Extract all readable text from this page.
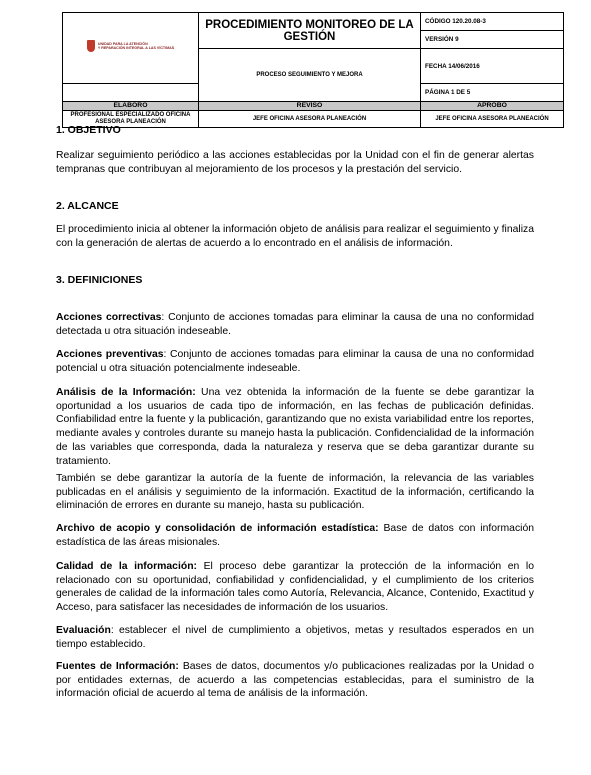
UNIDAD PARA LA ATENCIÓN
Y REPARACIÓN INTEGRAL A LAS VÍCTIMAS	PROCEDIMIENTO MONITOREO DE LA GESTIÓN	CÓDIGO 120.20.08-3
		VERSIÓN 9
	PROCESO SEGUIMIENTO Y MEJORA	FECHA 14/06/2016
		PÁGINA 1 DE 5
ELABORÓ	REVISÓ	APROBÓ
PROFESIONAL ESPECIALIZADO OFICINA ASESORA PLANEACIÓN	JEFE OFICINA ASESORA PLANEACIÓN	JEFE OFICINA ASESORA PLANEACIÓN
1. OBJETIVO
Realizar seguimiento periódico a las acciones establecidas por la Unidad con el fin de generar alertas tempranas que contribuyan al mejoramiento de los procesos y la prestación del servicio.
2. ALCANCE
El procedimiento inicia al obtener la información objeto de análisis para realizar el seguimiento y finaliza con la generación de alertas de acuerdo a lo encontrado en el análisis de información.
3. DEFINICIONES
Acciones correctivas: Conjunto de acciones tomadas para eliminar la causa de una no conformidad detectada u otra situación indeseable.
Acciones preventivas: Conjunto de acciones tomadas para eliminar la causa de una no conformidad potencial u otra situación potencialmente indeseable.
Análisis de la Información: Una vez obtenida la información de la fuente se debe garantizar la oportunidad a los usuarios de cada tipo de información, en las fechas de publicación definidas. Confiabilidad entre la fuente y la publicación, garantizando que no exista variabilidad entre los reportes, mediante avales y controles durante su manejo hasta la publicación. Confidencialidad de la información de las variables que corresponda, dada la naturaleza y reserva que se deba garantizar durante su tratamiento.
También se debe garantizar la autoría de la fuente de información, la relevancia de las variables publicadas en el análisis y seguimiento de la información. Exactitud de la información, certificando la eliminación de errores en durante su manejo, hasta su publicación.
Archivo de acopio y consolidación de información estadística: Base de datos con información estadística de las áreas misionales.
Calidad de la información: El proceso debe garantizar la protección de la información en lo relacionado con su oportunidad, confiabilidad y confidencialidad, y el cumplimiento de los criterios generales de calidad de la información tales como Autoría, Relevancia, Alcance, Contenido, Exactitud y Acceso, para satisfacer las necesidades de información de los usuarios.
Evaluación: establecer el nivel de cumplimiento a objetivos, metas y resultados esperados en un tiempo establecido.
Fuentes de Información: Bases de datos, documentos y/o publicaciones realizadas por la Unidad o por entidades externas, de acuerdo a las competencias establecidas, para el suministro de la información oficial de acuerdo al tema de análisis de la información.
